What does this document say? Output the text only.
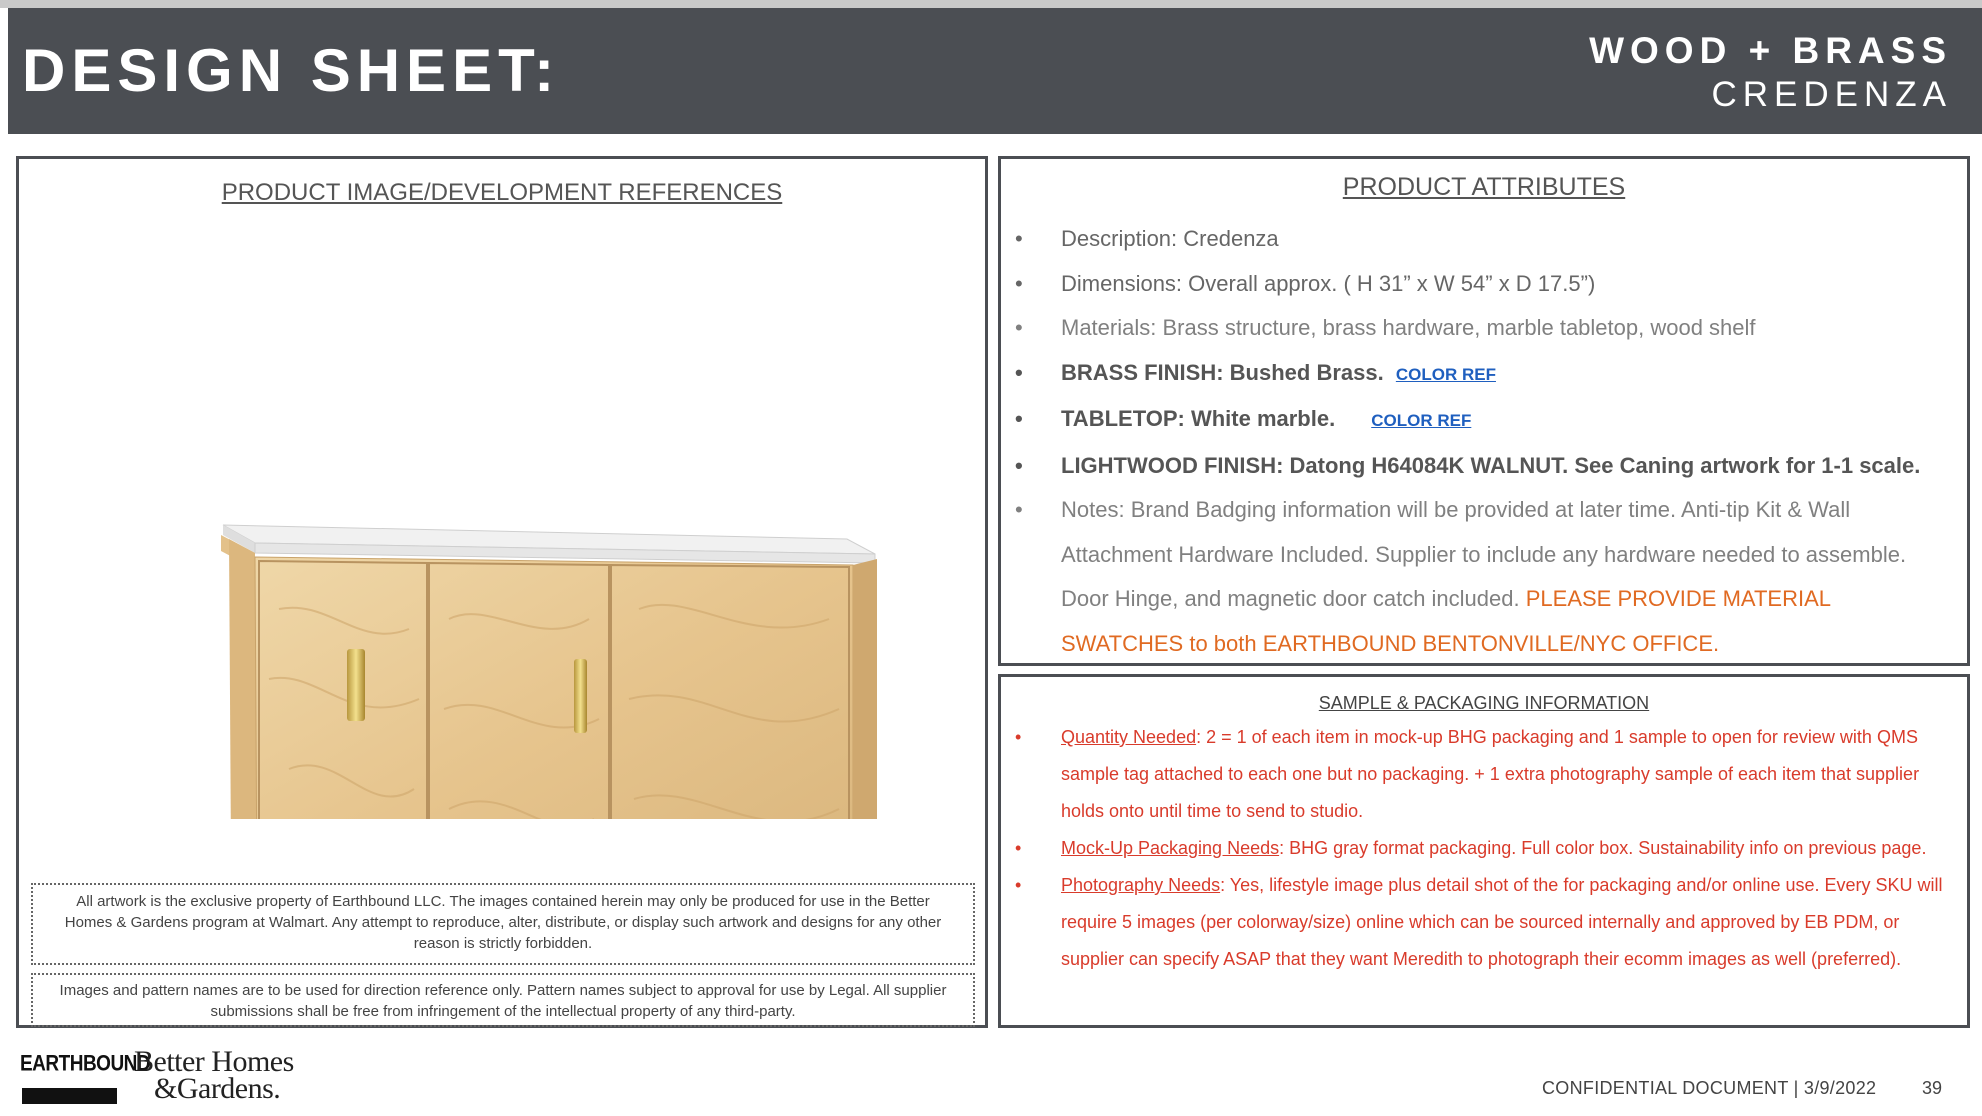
DESIGN SHEET:	WOOD + BRASS
CREDENZA
PRODUCT IMAGE/DEVELOPMENT REFERENCES
All artwork is the exclusive property of Earthbound LLC. The images contained herein may only be produced for use in the Better Homes & Gardens program at Walmart. Any attempt to reproduce, alter, distribute, or display such artwork and designs for any other reason is strictly forbidden.
Images and pattern names are to be used for direction reference only. Pattern names subject to approval for use by Legal. All supplier submissions shall be free from infringement of the intellectual property of any third-party.
PRODUCT ATTRIBUTES
• Description: Credenza
• Dimensions: Overall approx. ( H 31” x W 54” x D 17.5”)
• Materials: Brass structure, brass hardware, marble tabletop, wood shelf
• BRASS FINISH: Bushed Brass. COLOR REF
• TABLETOP: White marble. COLOR REF
• LIGHTWOOD FINISH: Datong H64084K WALNUT. See Caning artwork for 1-1 scale.
• Notes: Brand Badging information will be provided at later time. Anti-tip Kit & Wall Attachment Hardware Included. Supplier to include any hardware needed to assemble. Door Hinge, and magnetic door catch included. PLEASE PROVIDE MATERIAL SWATCHES to both EARTHBOUND BENTONVILLE/NYC OFFICE.
SAMPLE & PACKAGING INFORMATION
• Quantity Needed: 2 = 1 of each item in mock-up BHG packaging and 1 sample to open for review with QMS sample tag attached to each one but no packaging. + 1 extra photography sample of each item that supplier holds onto until time to send to studio.
• Mock-Up Packaging Needs: BHG gray format packaging. Full color box. Sustainability info on previous page.
• Photography Needs: Yes, lifestyle image plus detail shot of the for packaging and/or online use. Every SKU will require 5 images (per colorway/size) online which can be sourced internally and approved by EB PDM, or supplier can specify ASAP that they want Meredith to photograph their ecomm images as well (preferred).
EARTHBOUND
Better Homes
&Gardens.	CONFIDENTIAL DOCUMENT | 3/9/2022	39
